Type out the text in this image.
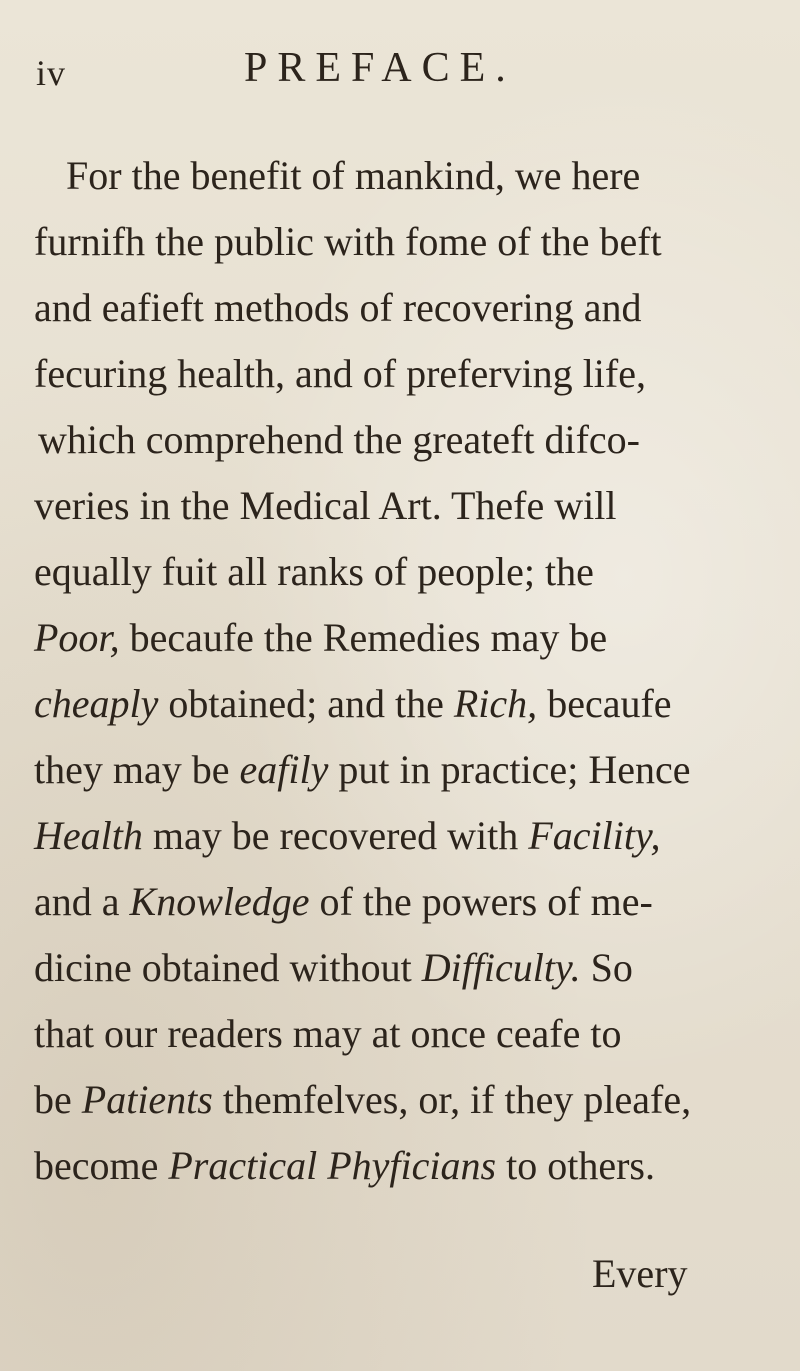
iv	PREFACE.
For the benefit of mankind, we here
furnifh the public with fome of the beft
and eafieft methods of recovering and
fecuring health, and of preferving life,
which comprehend the greateft difco-
veries in the Medical Art. Thefe will
equally fuit all ranks of people; the
Poor, becaufe the Remedies may be
cheaply obtained; and the Rich, becaufe
they may be eafily put in practice; Hence
Health may be recovered with Facility,
and a Knowledge of the powers of me-
dicine obtained without Difficulty. So
that our readers may at once ceafe to
be Patients themfelves, or, if they pleafe,
become Practical Phyficians to others.
Every
